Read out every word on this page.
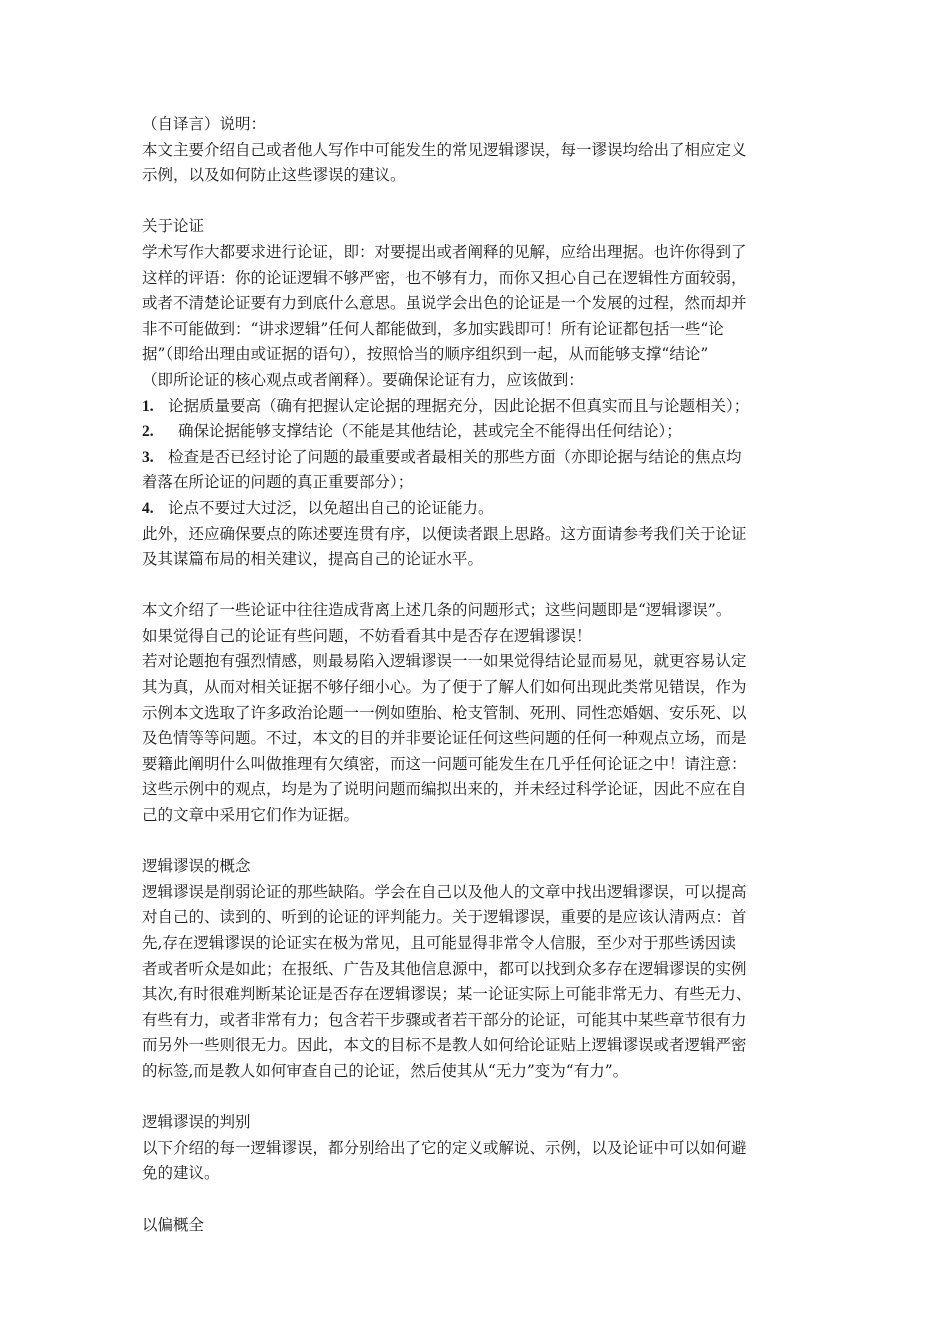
（自译言）说明：
本文主要介绍自己或者他人写作中可能发生的常见逻辑谬误，每一谬误均给出了相应定义
示例，以及如何防止这些谬误的建议。
关于论证
学术写作大都要求进行论证，即：对要提出或者阐释的见解，应给出理据。也许你得到了
这样的评语：你的论证逻辑不够严密，也不够有力，而你又担心自己在逻辑性方面较弱，
或者不清楚论证要有力到底什么意思。虽说学会出色的论证是一个发展的过程，然而却并
非不可能做到：“讲求逻辑”任何人都能做到，多加实践即可！所有论证都包括一些“论
据”（即给出理由或证据的语句），按照恰当的顺序组织到一起，从而能够支撑“结论”
（即所论证的核心观点或者阐释）。要确保论证有力，应该做到：
1. 论据质量要高（确有把握认定论据的理据充分，因此论据不但真实而且与论题相关）；
2. 确保论据能够支撑结论（不能是其他结论，甚或完全不能得出任何结论）；
3. 检查是否已经讨论了问题的最重要或者最相关的那些方面（亦即论据与结论的焦点均
着落在所论证的问题的真正重要部分）；
4. 论点不要过大过泛，以免超出自己的论证能力。
此外，还应确保要点的陈述要连贯有序，以便读者跟上思路。这方面请参考我们关于论证
及其谋篇布局的相关建议，提高自己的论证水平。
本文介绍了一些论证中往往造成背离上述几条的问题形式；这些问题即是“逻辑谬误”。
如果觉得自己的论证有些问题，不妨看看其中是否存在逻辑谬误！
若对论题抱有强烈情感，则最易陷入逻辑谬误一一如果觉得结论显而易见，就更容易认定
其为真，从而对相关证据不够仔细小心。为了便于了解人们如何出现此类常见错误，作为
示例本文选取了许多政治论题一一例如堕胎、枪支管制、死刑、同性恋婚姻、安乐死、以
及色情等等问题。不过，本文的目的并非要论证任何这些问题的任何一种观点立场，而是
要籍此阐明什么叫做推理有欠缜密，而这一问题可能发生在几乎任何论证之中！请注意：
这些示例中的观点，均是为了说明问题而编拟出来的，并未经过科学论证，因此不应在自
己的文章中采用它们作为证据。
逻辑谬误的概念
逻辑谬误是削弱论证的那些缺陷。学会在自己以及他人的文章中找出逻辑谬误，可以提高
对自己的、读到的、听到的论证的评判能力。关于逻辑谬误，重要的是应该认清两点：首
先,存在逻辑谬误的论证实在极为常见，且可能显得非常令人信服，至少对于那些诱因读
者或者听众是如此；在报纸、广告及其他信息源中，都可以找到众多存在逻辑谬误的实例
其次,有时很难判断某论证是否存在逻辑谬误；某一论证实际上可能非常无力、有些无力、
有些有力，或者非常有力；包含若干步骤或者若干部分的论证，可能其中某些章节很有力
而另外一些则很无力。因此，本文的目标不是教人如何给论证贴上逻辑谬误或者逻辑严密
的标签,而是教人如何审查自己的论证，然后使其从“无力”变为“有力”。
逻辑谬误的判别
以下介绍的每一逻辑谬误，都分别给出了它的定义或解说、示例，以及论证中可以如何避
免的建议。
以偏概全
